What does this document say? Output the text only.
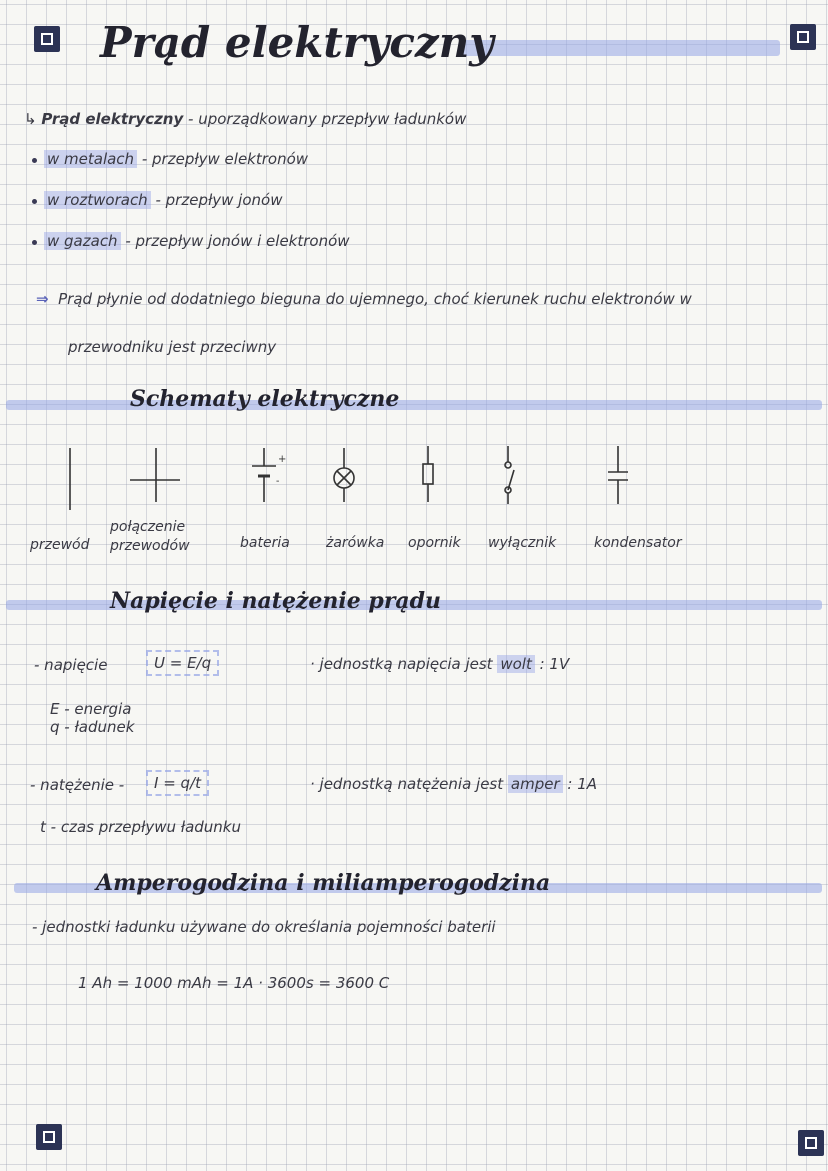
Prąd elektryczny
↳ Prąd elektryczny - uporządkowany przepływ ładunków
w metalach - przepływ elektronów
w roztworach - przepływ jonów
w gazach - przepływ jonów i elektronów
⇒ Prąd płynie od dodatniego bieguna do ujemnego, choć kierunek ruchu elektronów w
przewodniku jest przeciwny
Schematy elektryczne
+
-
przewód
połączenie przewodów	bateria	żarówka opornik wyłącznik	kondensator
Napięcie i natężenie prądu
- napięcie	U = E/q	· jednostką napięcia jest wolt : 1V
E - energia
q - ładunek
- natężenie -	I = q/t	· jednostką natężenia jest amper : 1A
t - czas przepływu ładunku
Amperogodzina i miliamperogodzina
- jednostki ładunku używane do określania pojemności baterii
1 Ah = 1000 mAh = 1A · 3600s = 3600 C
